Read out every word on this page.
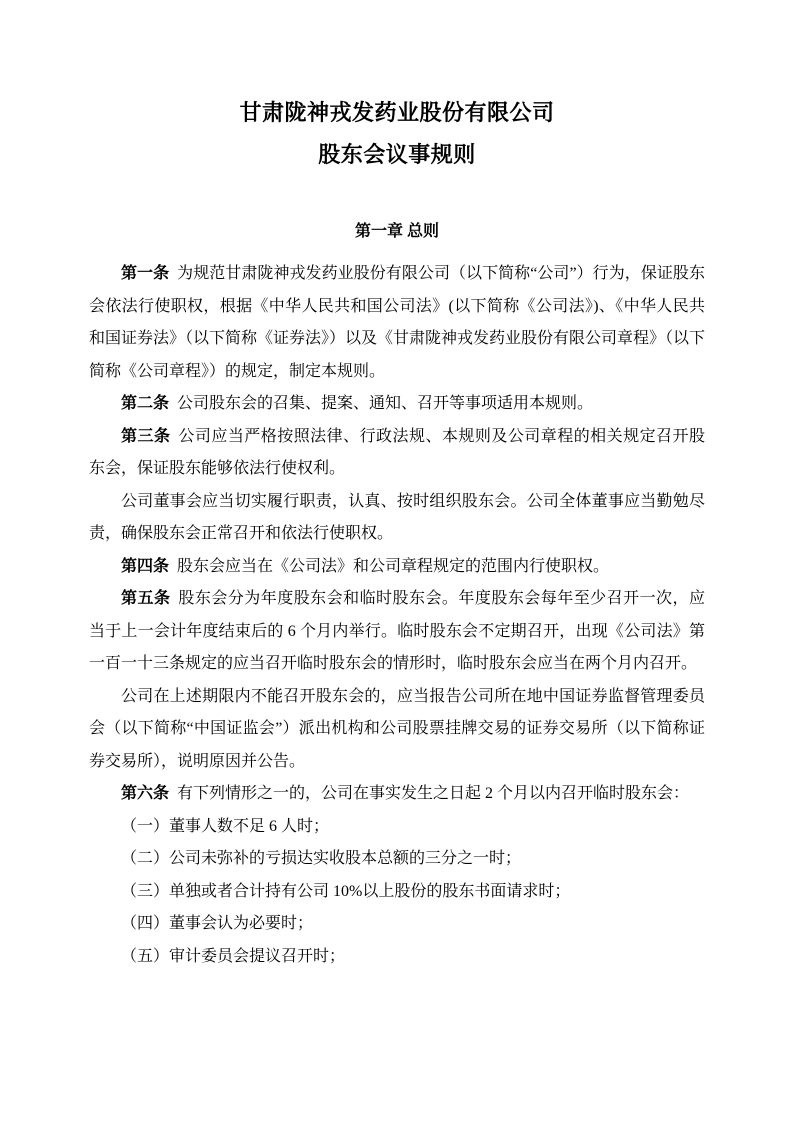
甘肃陇神戎发药业股份有限公司
股东会议事规则
第一章 总则

第一条 为规范甘肃陇神戎发药业股份有限公司（以下简称“公司”）行为，保证股东会依法行使职权，根据《中华人民共和国公司法》(以下简称《公司法》)、《中华人民共和国证券法》（以下简称《证券法》）以及《甘肃陇神戎发药业股份有限公司章程》（以下简称《公司章程》）的规定，制定本规则。

第二条 公司股东会的召集、提案、通知、召开等事项适用本规则。

第三条 公司应当严格按照法律、行政法规、本规则及公司章程的相关规定召开股东会，保证股东能够依法行使权利。

公司董事会应当切实履行职责，认真、按时组织股东会。公司全体董事应当勤勉尽责，确保股东会正常召开和依法行使职权。

第四条 股东会应当在《公司法》和公司章程规定的范围内行使职权。

第五条 股东会分为年度股东会和临时股东会。年度股东会每年至少召开一次，应当于上一会计年度结束后的 6 个月内举行。临时股东会不定期召开，出现《公司法》第一百一十三条规定的应当召开临时股东会的情形时，临时股东会应当在两个月内召开。

公司在上述期限内不能召开股东会的，应当报告公司所在地中国证券监督管理委员会（以下简称“中国证监会”）派出机构和公司股票挂牌交易的证券交易所（以下简称证券交易所），说明原因并公告。

第六条 有下列情形之一的，公司在事实发生之日起 2 个月以内召开临时股东会：

（一）董事人数不足 6 人时；

（二）公司未弥补的亏损达实收股本总额的三分之一时；

（三）单独或者合计持有公司 10%以上股份的股东书面请求时；

（四）董事会认为必要时；

（五）审计委员会提议召开时；
